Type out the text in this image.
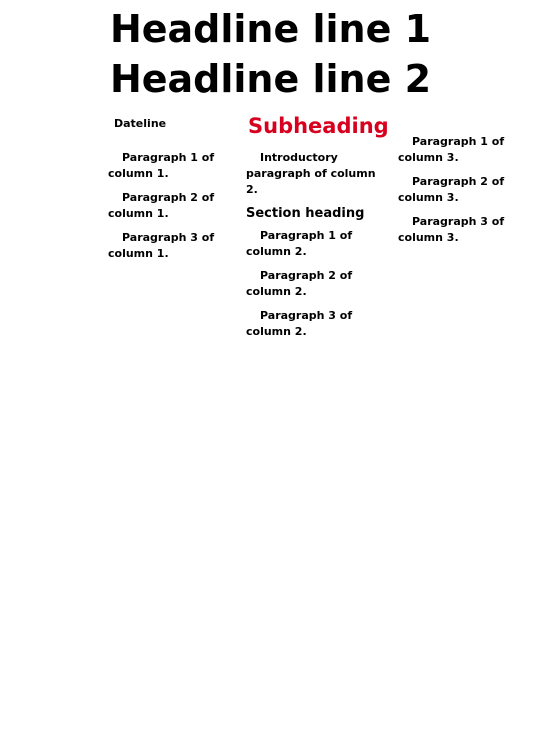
Headline line 1
Headline line 2
Dateline	Subheading
Paragraph 1 of column 1.
Paragraph 2 of column 1.
Paragraph 3 of column 1.
Introductory paragraph of column 2.
Section heading
Paragraph 1 of column 2.
Paragraph 2 of column 2.
Paragraph 3 of column 2.
Paragraph 1 of column 3.
Paragraph 2 of column 3.
Paragraph 3 of column 3.
